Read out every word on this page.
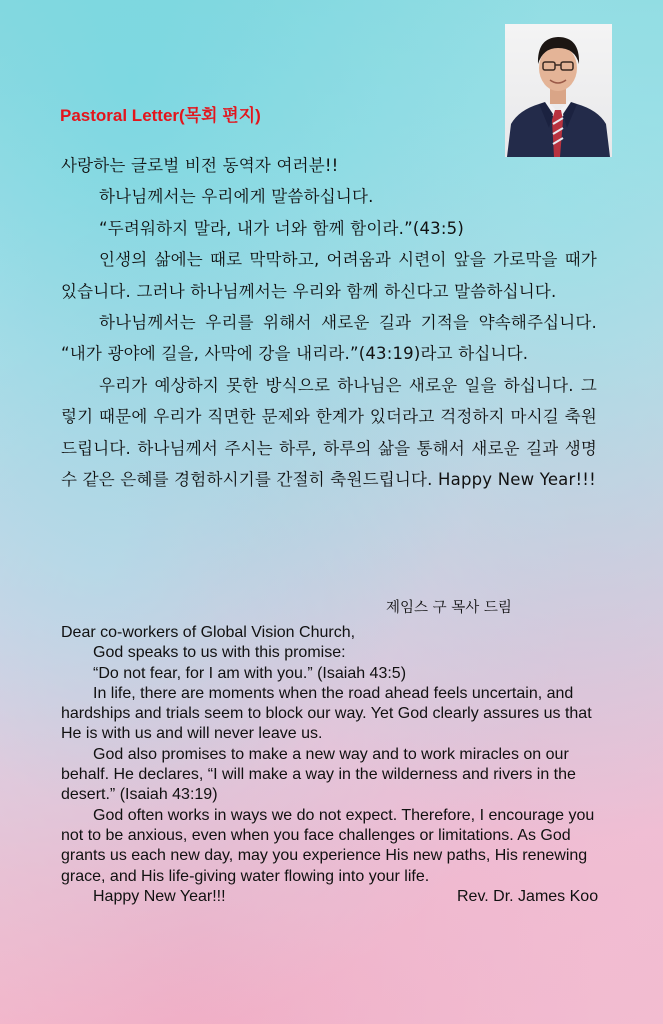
Pastoral Letter(목회 편지)

사랑하는 글로벌 비전 동역자 여러분!!

하나님께서는 우리에게 말씀하십니다.

“두려워하지 말라, 내가 너와 함께 함이라.”(43:5)

인생의 삶에는 때로 막막하고, 어려움과 시련이 앞을 가로막을 때가 있습니다. 그러나 하나님께서는 우리와 함께 하신다고 말씀하십니다.

하나님께서는 우리를 위해서 새로운 길과 기적을 약속해주십니다. “내가 광야에 길을, 사막에 강을 내리라.”(43:19)라고 하십니다.

우리가 예상하지 못한 방식으로 하나님은 새로운 일을 하십니다. 그렇기 때문에 우리가 직면한 문제와 한계가 있더라고 걱정하지 마시길 축원드립니다. 하나님께서 주시는 하루, 하루의 삶을 통해서 새로운 길과 생명수 같은 은혜를 경험하시기를 간절히 축원드립니다. Happy New Year!!!

제임스 구 목사 드림

Dear co-workers of Global Vision Church,

God speaks to us with this promise:

“Do not fear, for I am with you.” (Isaiah 43:5)

In life, there are moments when the road ahead feels uncertain, and hardships and trials seem to block our way. Yet God clearly assures us that He is with us and will never leave us.

God also promises to make a new way and to work miracles on our behalf. He declares, “I will make a way in the wilderness and rivers in the desert.” (Isaiah 43:19)

God often works in ways we do not expect. Therefore, I encourage you not to be anxious, even when you face challenges or limitations. As God grants us each new day, may you experience His new paths, His renewing grace, and His life-giving water flowing into your life.

Happy New Year!!!	Rev. Dr. James Koo
